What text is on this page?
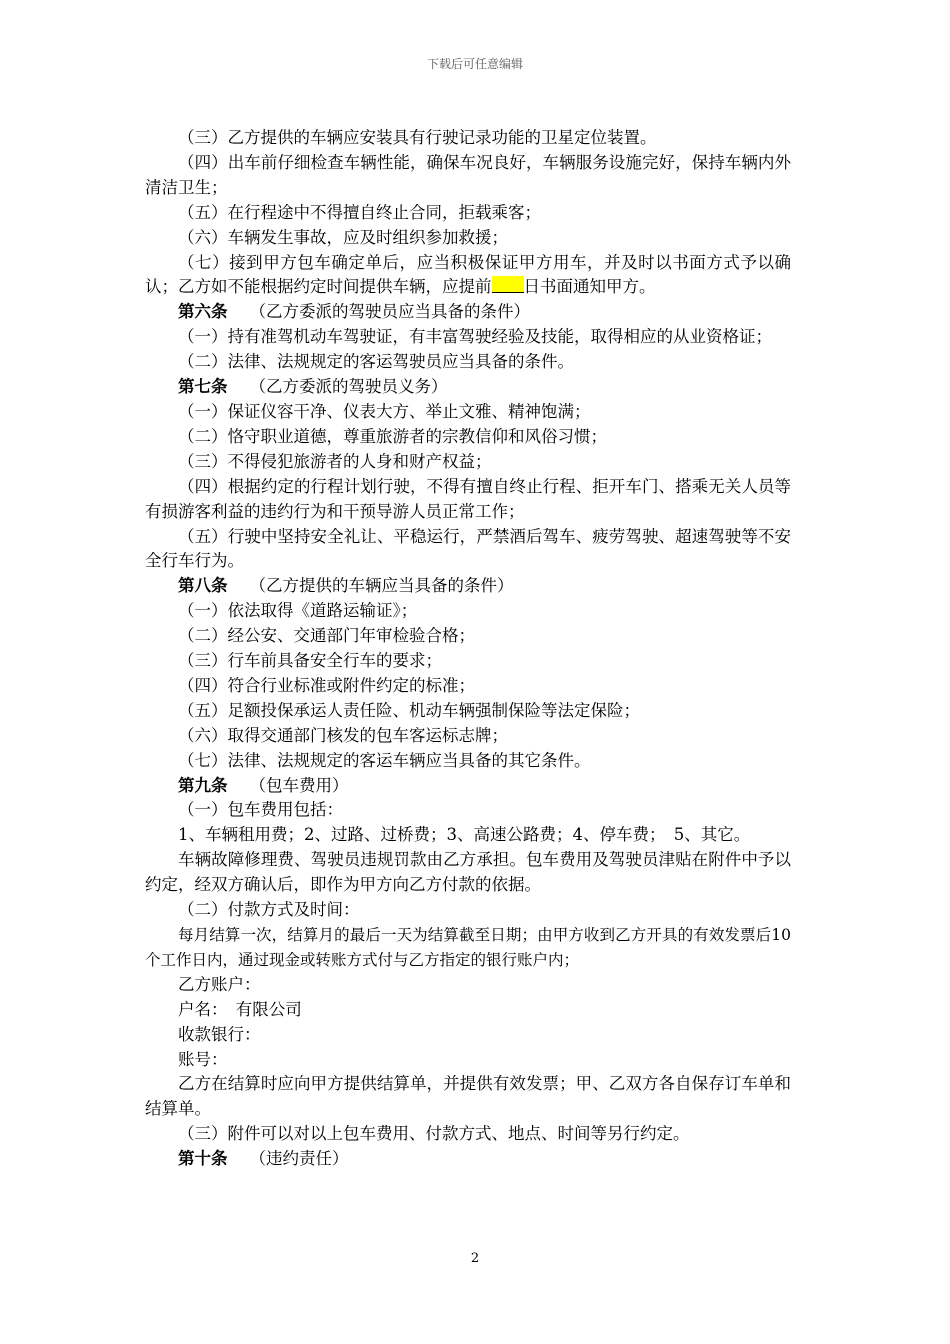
下载后可任意编辑

（三）乙方提供的车辆应安装具有行驶记录功能的卫星定位装置。

（四）出车前仔细检查车辆性能，确保车况良好，车辆服务设施完好，保持车辆内外清洁卫生；

（五）在行程途中不得擅自终止合同，拒载乘客；

（六）车辆发生事故，应及时组织参加救援；

（七）接到甲方包车确定单后，应当积极保证甲方用车，并及时以书面方式予以确认；乙方如不能根据约定时间提供车辆，应提前 日书面通知甲方。

第六条 （乙方委派的驾驶员应当具备的条件）

（一）持有准驾机动车驾驶证，有丰富驾驶经验及技能，取得相应的从业资格证；

（二）法律、法规规定的客运驾驶员应当具备的条件。

第七条 （乙方委派的驾驶员义务）

（一）保证仪容干净、仪表大方、举止文雅、精神饱满；

（二）恪守职业道德，尊重旅游者的宗教信仰和风俗习惯；

（三）不得侵犯旅游者的人身和财产权益；

（四）根据约定的行程计划行驶，不得有擅自终止行程、拒开车门、搭乘无关人员等有损游客利益的违约行为和干预导游人员正常工作；

（五）行驶中坚持安全礼让、平稳运行，严禁酒后驾车、疲劳驾驶、超速驾驶等不安全行车行为。

第八条 （乙方提供的车辆应当具备的条件）

（一）依法取得《道路运输证》；

（二）经公安、交通部门年审检验合格；

（三）行车前具备安全行车的要求；

（四）符合行业标准或附件约定的标准；

（五）足额投保承运人责任险、机动车辆强制保险等法定保险；

（六）取得交通部门核发的包车客运标志牌；

（七）法律、法规规定的客运车辆应当具备的其它条件。

第九条 （包车费用）

（一）包车费用包括：

1、车辆租用费；2、过路、过桥费；3、高速公路费；4、停车费；　5、其它。

车辆故障修理费、驾驶员违规罚款由乙方承担。包车费用及驾驶员津贴在附件中予以约定，经双方确认后，即作为甲方向乙方付款的依据。

（二）付款方式及时间：

每月结算一次，结算月的最后一天为结算截至日期；由甲方收到乙方开具的有效发票后10个工作日内，通过现金或转账方式付与乙方指定的银行账户内；

乙方账户：

户名：　有限公司

收款银行：

账号：

乙方在结算时应向甲方提供结算单，并提供有效发票；甲、乙双方各自保存订车单和结算单。

（三）附件可以对以上包车费用、付款方式、地点、时间等另行约定。

第十条 （违约责任）

2
